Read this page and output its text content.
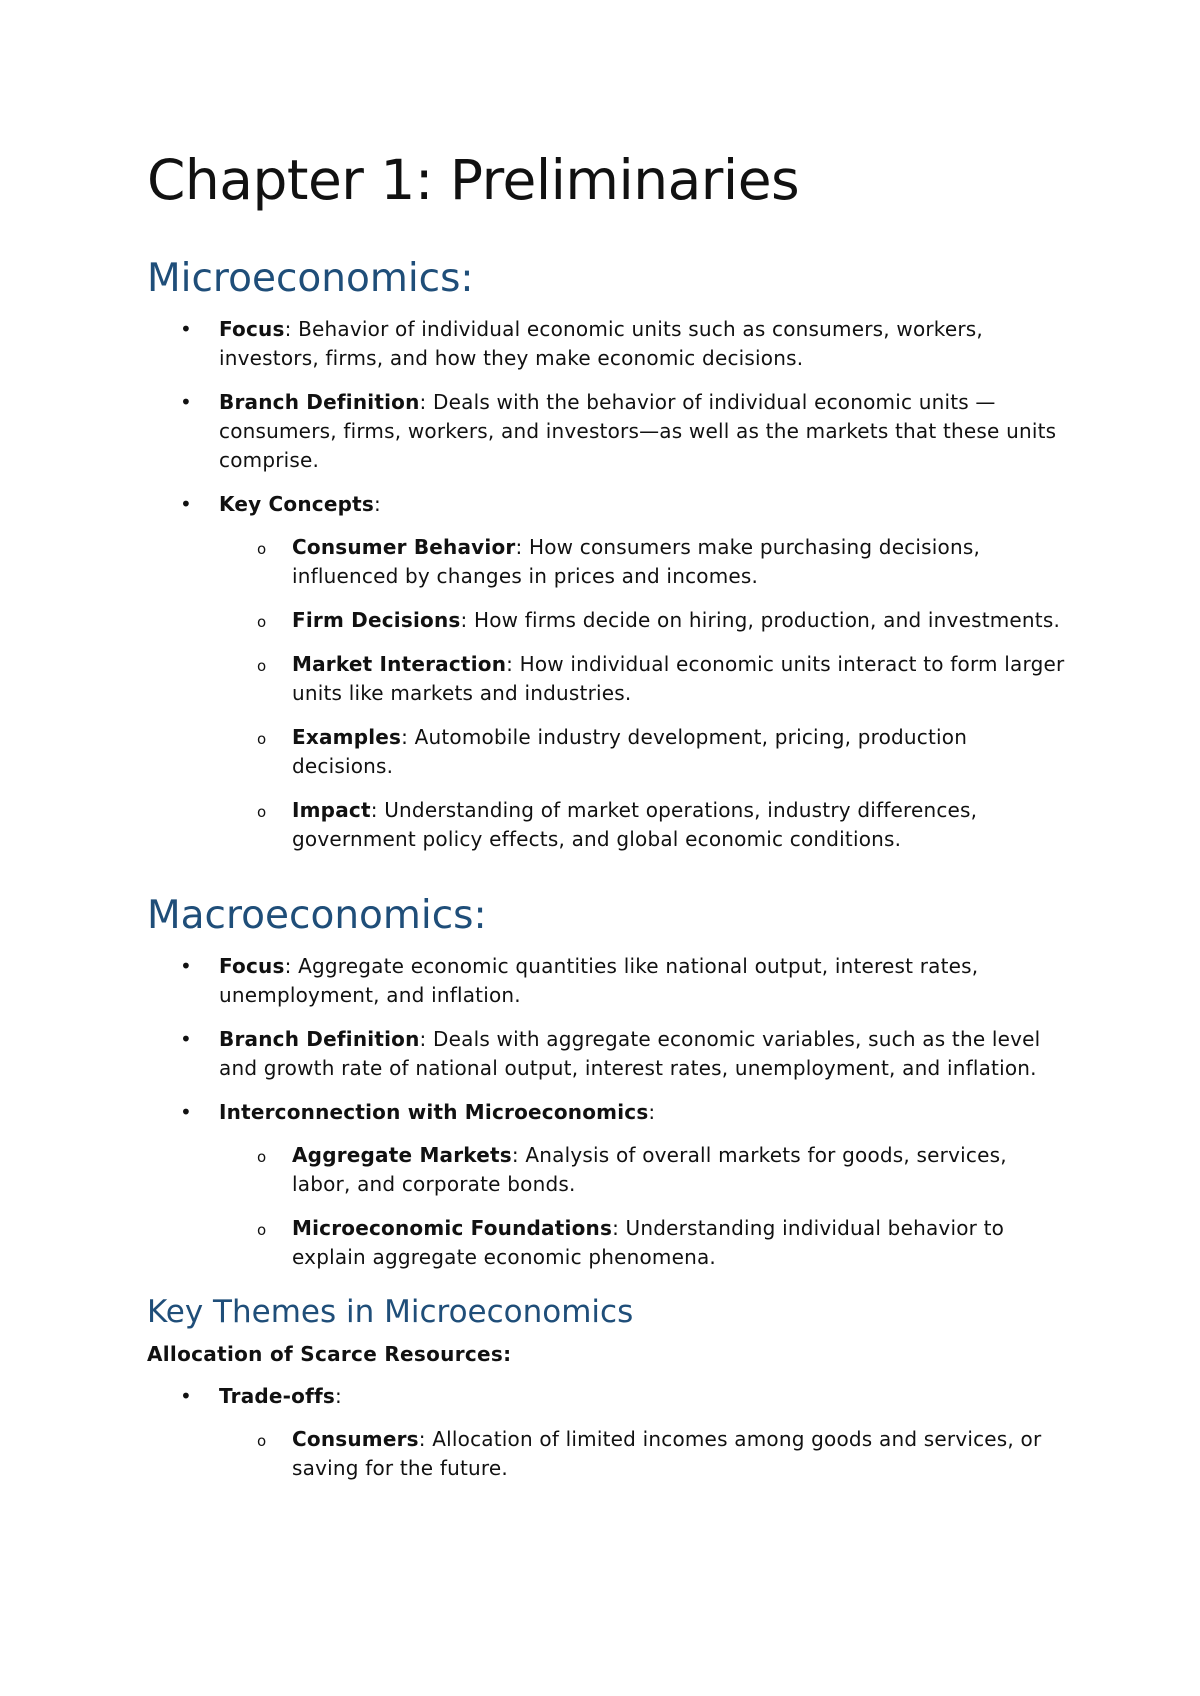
Chapter 1: Preliminaries
Microeconomics:
• Focus: Behavior of individual economic units such as consumers, workers, investors, firms, and how they make economic decisions.
• Branch Definition: Deals with the behavior of individual economic units —consumers, firms, workers, and investors—as well as the markets that these units comprise.
• Key Concepts:
o Consumer Behavior: How consumers make purchasing decisions, influenced by changes in prices and incomes.
o Firm Decisions: How firms decide on hiring, production, and investments.
o Market Interaction: How individual economic units interact to form larger units like markets and industries.
o Examples: Automobile industry development, pricing, production decisions.
o Impact: Understanding of market operations, industry differences, government policy effects, and global economic conditions.
Macroeconomics:
• Focus: Aggregate economic quantities like national output, interest rates, unemployment, and inflation.
• Branch Definition: Deals with aggregate economic variables, such as the level and growth rate of national output, interest rates, unemployment, and inflation.
• Interconnection with Microeconomics:
o Aggregate Markets: Analysis of overall markets for goods, services, labor, and corporate bonds.
o Microeconomic Foundations: Understanding individual behavior to explain aggregate economic phenomena.
Key Themes in Microeconomics
Allocation of Scarce Resources:
• Trade-offs:
o Consumers: Allocation of limited incomes among goods and services, or saving for the future.
